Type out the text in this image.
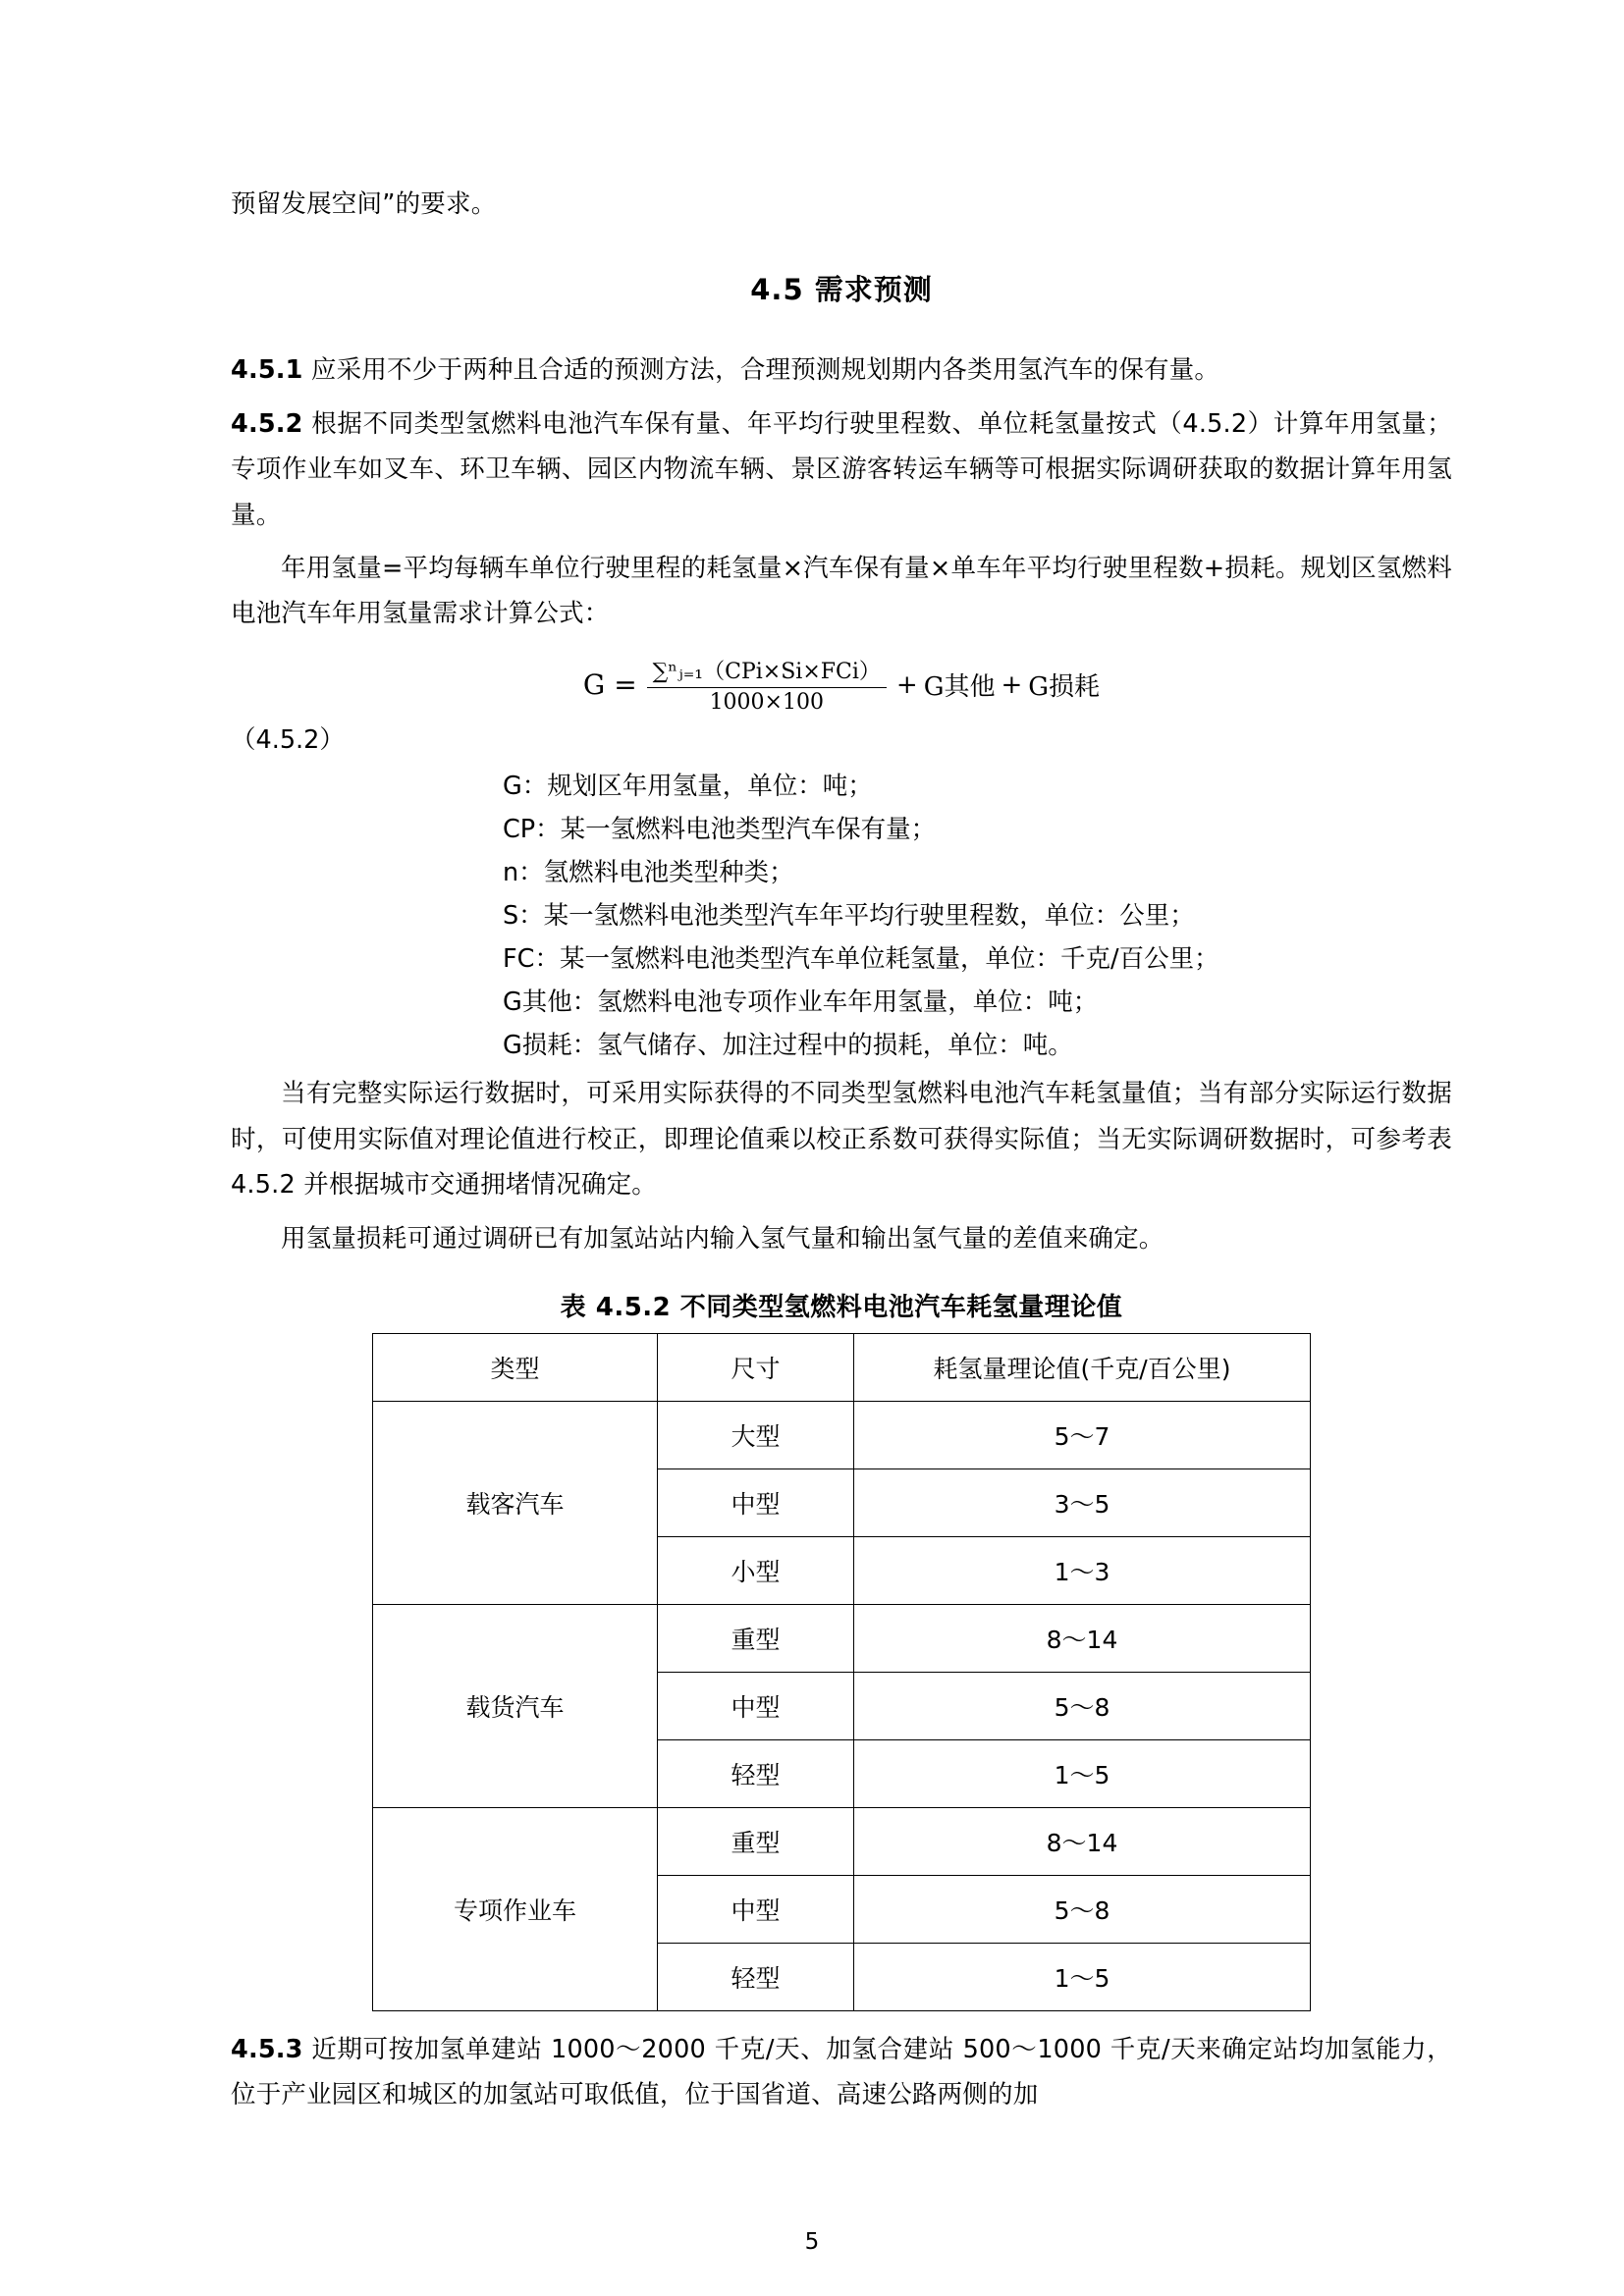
预留发展空间”的要求。

4.5 需求预测

4.5.1 应采用不少于两种且合适的预测方法，合理预测规划期内各类用氢汽车的保有量。

4.5.2 根据不同类型氢燃料电池汽车保有量、年平均行驶里程数、单位耗氢量按式（4.5.2）计算年用氢量；专项作业车如叉车、环卫车辆、园区内物流车辆、景区游客转运车辆等可根据实际调研获取的数据计算年用氢量。

年用氢量=平均每辆车单位行驶里程的耗氢量×汽车保有量×单车年平均行驶里程数+损耗。规划区氢燃料电池汽车年用氢量需求计算公式：

$G = \frac{\text{∑ⁿⱼ₌₁（CPi×Si×FCi）}}{1000\times 100} + G$其他 + G损耗
（4.5.2）
G：规划区年用氢量，单位：吨；
CP：某一氢燃料电池类型汽车保有量；
n：氢燃料电池类型种类；
S：某一氢燃料电池类型汽车年平均行驶里程数，单位：公里；
FC：某一氢燃料电池类型汽车单位耗氢量，单位：千克/百公里；
G其他：氢燃料电池专项作业车年用氢量，单位：吨；
G损耗：氢气储存、加注过程中的损耗，单位：吨。

当有完整实际运行数据时，可采用实际获得的不同类型氢燃料电池汽车耗氢量值；当有部分实际运行数据时，可使用实际值对理论值进行校正，即理论值乘以校正系数可获得实际值；当无实际调研数据时，可参考表 4.5.2 并根据城市交通拥堵情况确定。

用氢量损耗可通过调研已有加氢站站内输入氢气量和输出氢气量的差值来确定。

表 4.5.2 不同类型氢燃料电池汽车耗氢量理论值
类型	尺寸	耗氢量理论值(千克/百公里)
载客汽车	大型	5～7
	中型	3～5
	小型	1～3
载货汽车	重型	8～14
	中型	5～8
	轻型	1～5
专项作业车	重型	8～14
	中型	5～8
	轻型	1～5

4.5.3 近期可按加氢单建站 1000～2000 千克/天、加氢合建站 500～1000 千克/天来确定站均加氢能力，位于产业园区和城区的加氢站可取低值，位于国省道、高速公路两侧的加

5
